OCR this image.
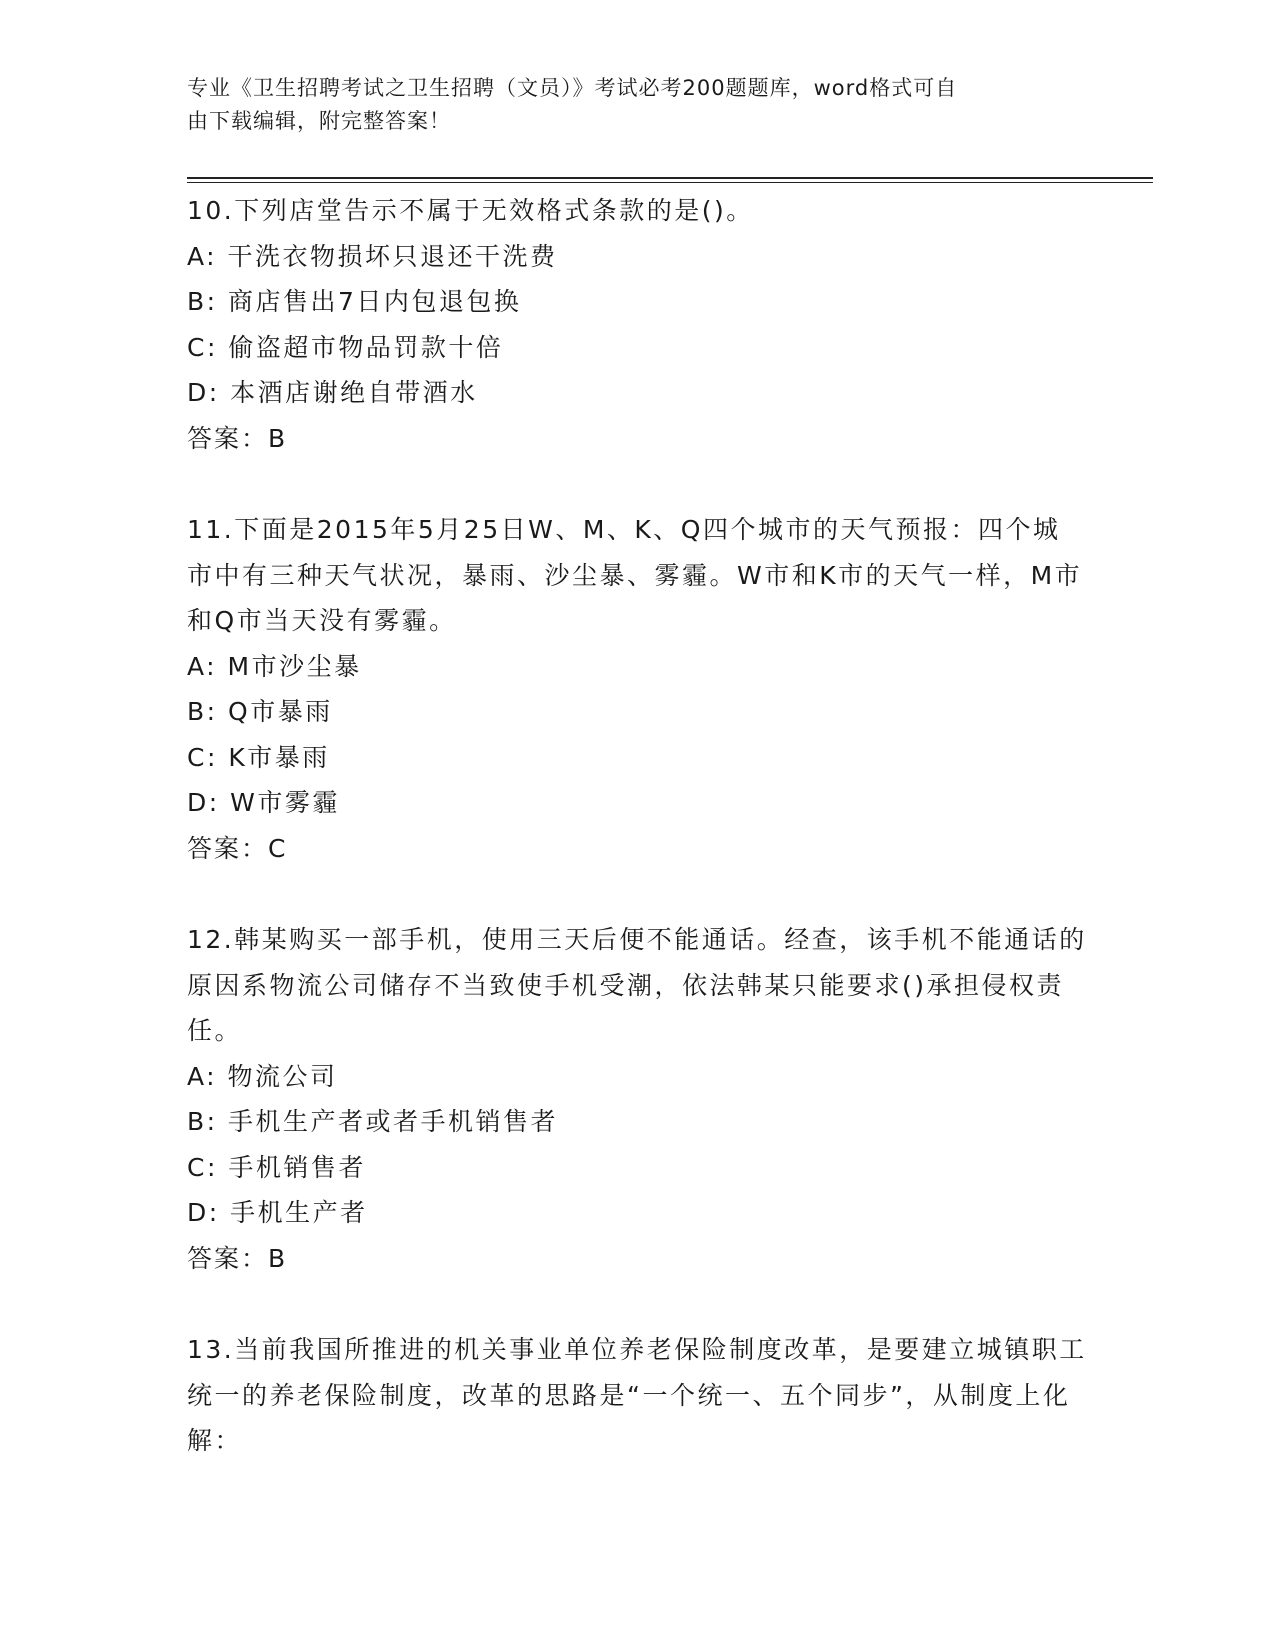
专业《卫生招聘考试之卫生招聘（文员）》考试必考200题题库，word格式可自
由下载编辑，附完整答案！
10.下列店堂告示不属于无效格式条款的是()。
A: 干洗衣物损坏只退还干洗费
B: 商店售出7日内包退包换
C: 偷盗超市物品罚款十倍
D: 本酒店谢绝自带酒水
答案：B
11.下面是2015年5月25日W、M、K、Q四个城市的天气预报：四个城市中有三种天气状况，暴雨、沙尘暴、雾霾。W市和K市的天气一样，M市和Q市当天没有雾霾。
A: M市沙尘暴
B: Q市暴雨
C: K市暴雨
D: W市雾霾
答案：C
12.韩某购买一部手机，使用三天后便不能通话。经查，该手机不能通话的原因系物流公司储存不当致使手机受潮，依法韩某只能要求()承担侵权责任。
A: 物流公司
B: 手机生产者或者手机销售者
C: 手机销售者
D: 手机生产者
答案：B
13.当前我国所推进的机关事业单位养老保险制度改革，是要建立城镇职工统一的养老保险制度，改革的思路是“一个统一、五个同步”，从制度上化解：
